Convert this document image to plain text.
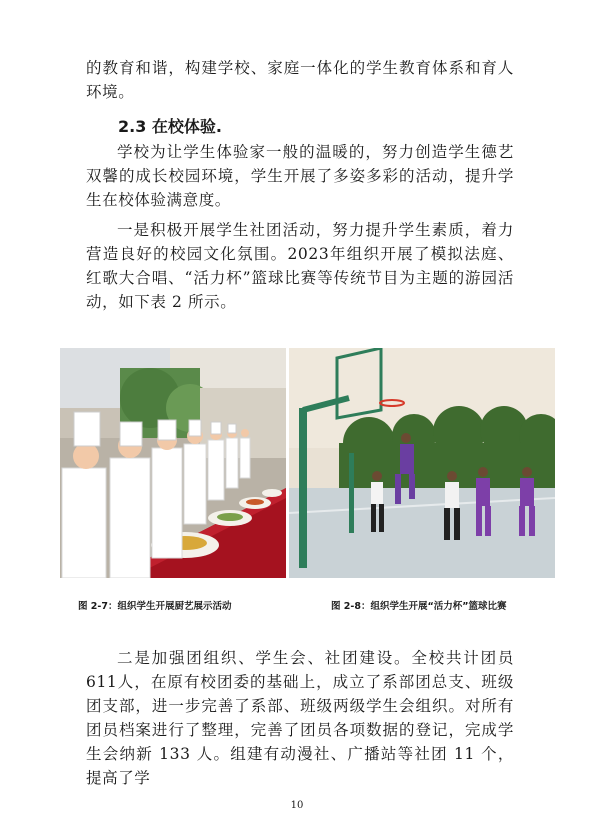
的教育和谐，构建学校、家庭一体化的学生教育体系和育人环境。

2.3 在校体验.

学校为让学生体验家一般的温暖的，努力创造学生德艺双馨的成长校园环境，学生开展了多姿多彩的活动，提升学生在校体验满意度。

一是积极开展学生社团活动，努力提升学生素质，着力营造良好的校园文化氛围。2023年组织开展了模拟法庭、红歌大合唱、“活力杯”篮球比赛等传统节目为主题的游园活动，如下表 2 所示。

图 2-7：组织学生开展厨艺展示活动	图 2-8：组织学生开展“活力杯”篮球比赛

二是加强团组织、学生会、社团建设。全校共计团员 611人，在原有校团委的基础上，成立了系部团总支、班级团支部，进一步完善了系部、班级两级学生会组织。对所有团员档案进行了整理，完善了团员各项数据的登记，完成学生会纳新 133 人。组建有动漫社、广播站等社团 11 个，提高了学

10
